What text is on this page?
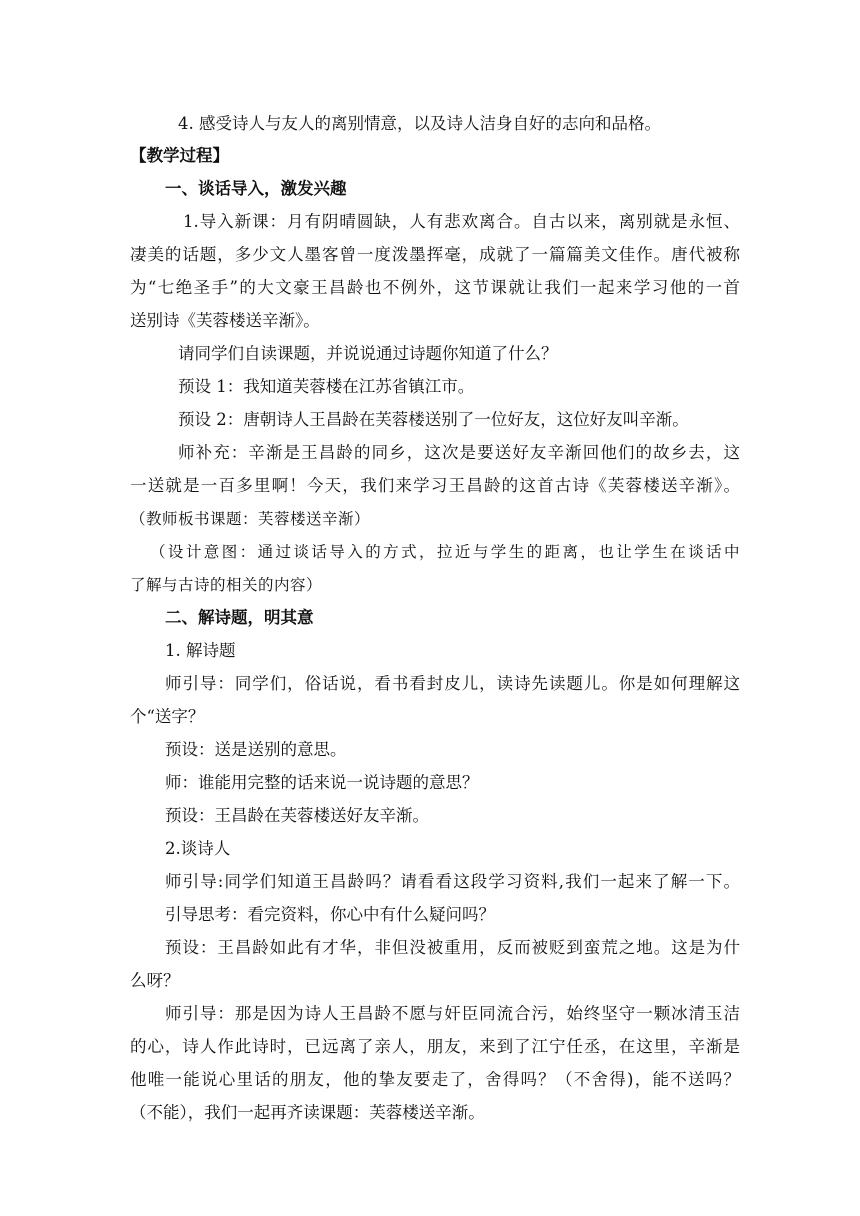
4. 感受诗人与友人的离别情意，以及诗人洁身自好的志向和品格。

【教学过程】

一、谈话导入，激发兴趣

1.导入新课：月有阴晴圆缺，人有悲欢离合。自古以来，离别就是永恒、

凄美的话题，多少文人墨客曾一度泼墨挥毫，成就了一篇篇美文佳作。唐代被称

为“七绝圣手”的大文豪王昌龄也不例外，这节课就让我们一起来学习他的一首

送别诗《芙蓉楼送辛渐》。

请同学们自读课题，并说说通过诗题你知道了什么？

预设 1：我知道芙蓉楼在江苏省镇江市。

预设 2：唐朝诗人王昌龄在芙蓉楼送别了一位好友，这位好友叫辛渐。

师补充：辛渐是王昌龄的同乡，这次是要送好友辛渐回他们的故乡去，这

一送就是一百多里啊！今天，我们来学习王昌龄的这首古诗《芙蓉楼送辛渐》。

（教师板书课题：芙蓉楼送辛渐）

（设计意图：通过谈话导入的方式，拉近与学生的距离，也让学生在谈话中

了解与古诗的相关的内容）

二、解诗题，明其意

1. 解诗题

师引导：同学们，俗话说，看书看封皮儿，读诗先读题儿。你是如何理解这

个“送字？

预设：送是送别的意思。

师：谁能用完整的话来说一说诗题的意思？

预设：王昌龄在芙蓉楼送好友辛渐。

2.谈诗人

师引导:同学们知道王昌龄吗？请看看这段学习资料,我们一起来了解一下。

引导思考：看完资料，你心中有什么疑问吗？

预设：王昌龄如此有才华，非但没被重用，反而被贬到蛮荒之地。这是为什

么呀？

师引导：那是因为诗人王昌龄不愿与奸臣同流合污，始终坚守一颗冰清玉洁

的心，诗人作此诗时，已远离了亲人，朋友，来到了江宁任丞，在这里，辛渐是

他唯一能说心里话的朋友，他的挚友要走了，舍得吗？（不舍得)，能不送吗？

（不能），我们一起再齐读课题：芙蓉楼送辛渐。
